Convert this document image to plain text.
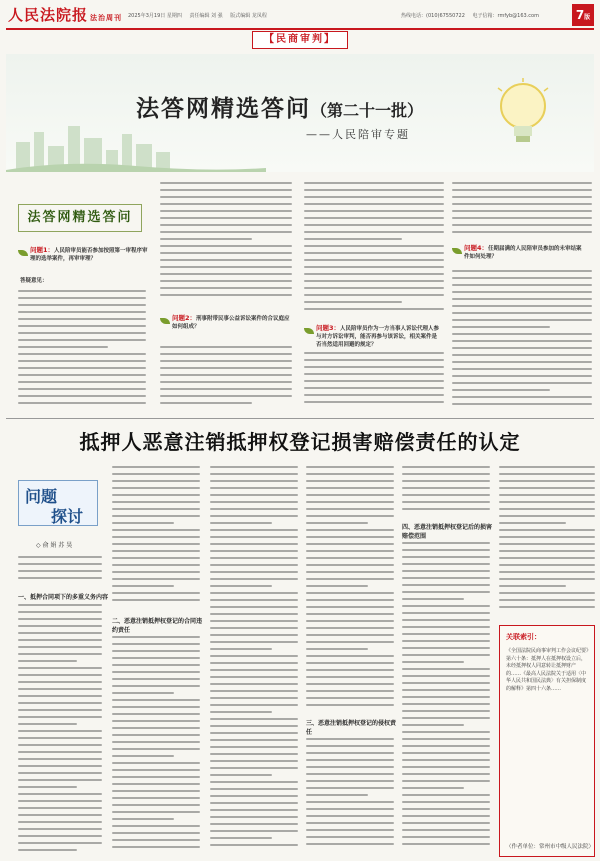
人民法院报 法治周刊 2025年3月19日 星期四 责任编辑 刘 强 版式编辑 龙凤程	热线电话：(010)67550722 电子信箱：rmfyb@163.com	7版
【民商审判】
法答网精选答问（第二十一批）
——人民陪审专题
法答网精选答问
问题1：人民陪审员能否参加按照第一审程序审理的选举案件，再审审理？
答疑意见：
问题2：刑事附带民事公益诉讼案件的合议庭应如何组成？	问题3：人民陪审员作为一方当事人诉讼代理人参与对方诉讼审判，能否再参与该诉讼，相关案件是否当然适用回避的规定？
问题4：任期届满的人民陪审员参加的未审结案件如何处理？
抵押人恶意注销抵押权登记损害赔偿责任的认定
问题
探讨
◇ 俞 娟 苏 昊
一、抵押合同项下的多重义务内容
二、恶意注销抵押权登记的合同违约责任
三、恶意注销抵押权登记的侵权责任
四、恶意注销抵押权登记后的损害赔偿范围
关联索引：
《全国法院民商事审判工作会议纪要》第六十条：抵押人在抵押权设立后，未经抵押权人同意转让抵押财产的……《最高人民法院关于适用〈中华人民共和国民法典〉有关担保制度的解释》第四十六条……
（作者单位：常州市中级人民法院）
